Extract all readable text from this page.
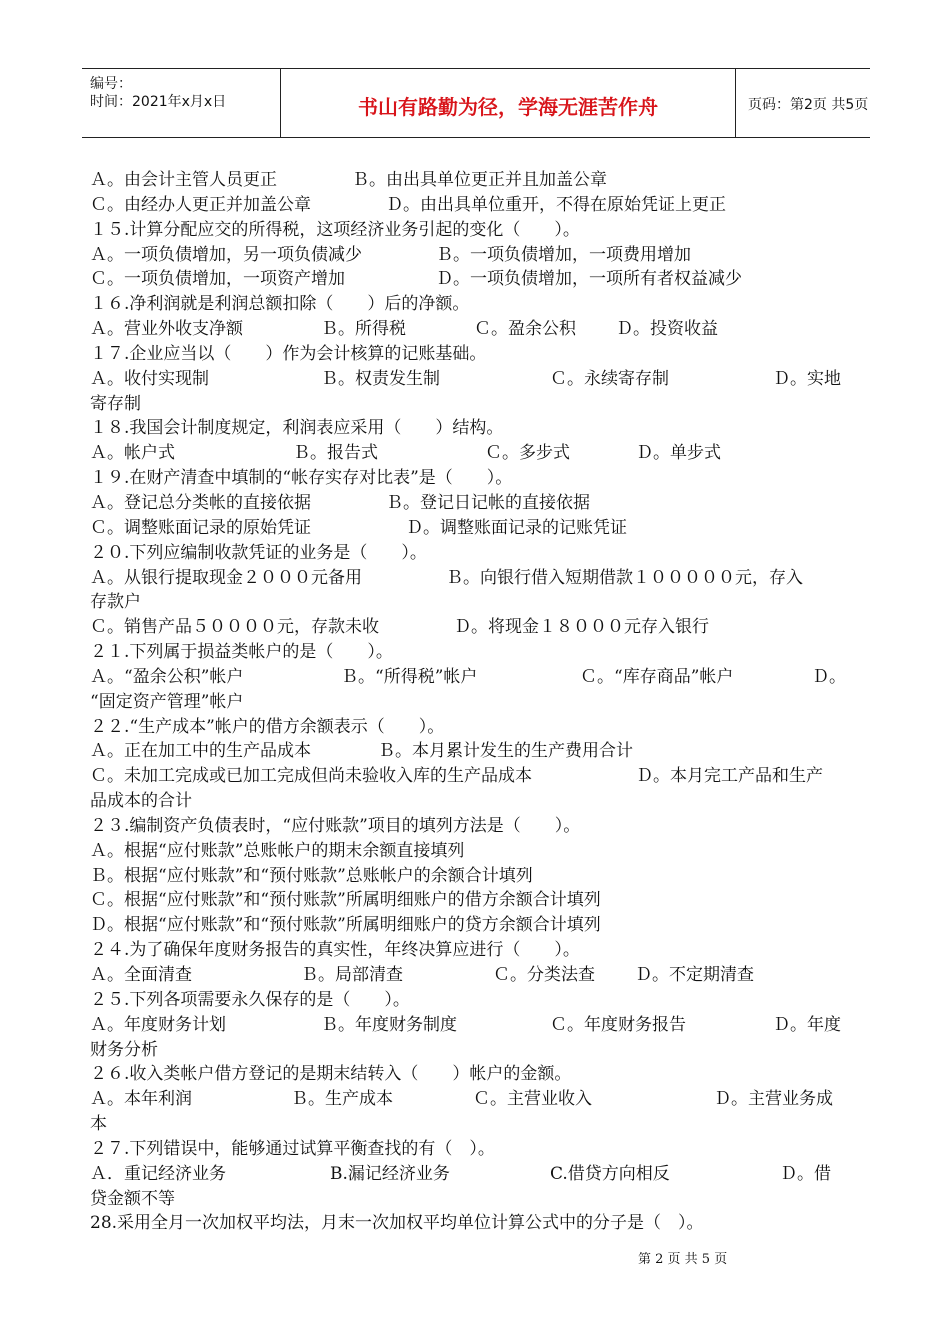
编号：
时间：2021年x月x日	书山有路勤为径，学海无涯苦作舟	页码：第2页 共5页
Ａ。由会计主管人员更正	Ｂ。由出具单位更正并且加盖公章
Ｃ。由经办人更正并加盖公章	Ｄ。由出具单位重开，不得在原始凭证上更正
１５.计算分配应交的所得税，这项经济业务引起的变化（　　）。
Ａ。一项负债增加，另一项负债减少	Ｂ。一项负债增加，一项费用增加
Ｃ。一项负债增加，一项资产增加	Ｄ。一项负债增加，一项所有者权益减少
１６.净利润就是利润总额扣除（　　）后的净额。
Ａ。营业外收支净额	Ｂ。所得税	Ｃ。盈余公积 Ｄ。投资收益
１７.企业应当以（　　）作为会计核算的记账基础。
Ａ。收付实现制	Ｂ。权责发生制	Ｃ。永续寄存制	Ｄ。实地
寄存制
１８.我国会计制度规定，利润表应采用（　　）结构。
Ａ。帐户式	Ｂ。报告式	Ｃ。多步式	Ｄ。单步式
１９.在财产清查中填制的“帐存实存对比表”是（　　）。
Ａ。登记总分类帐的直接依据	Ｂ。登记日记帐的直接依据
Ｃ。调整账面记录的原始凭证	Ｄ。调整账面记录的记账凭证
２０.下列应编制收款凭证的业务是（　　）。
Ａ。从银行提取现金２０００元备用	Ｂ。向银行借入短期借款１０００００元，存入
存款户
Ｃ。销售产品５００００元，存款未收	Ｄ。将现金１８０００元存入银行
２１.下列属于损益类帐户的是（　　）。
Ａ。“盈余公积”帐户	Ｂ。“所得税”帐户	Ｃ。“库存商品”帐户	Ｄ。
“固定资产管理”帐户
２２.“生产成本”帐户的借方余额表示（　　）。
Ａ。正在加工中的生产品成本	Ｂ。本月累计发生的生产费用合计
Ｃ。未加工完成或已加工完成但尚未验收入库的生产品成本	Ｄ。本月完工产品和生产
品成本的合计
２３.编制资产负债表时，“应付账款”项目的填列方法是（　　）。
Ａ。根据“应付账款”总账帐户的期末余额直接填列
Ｂ。根据“应付账款”和“预付账款”总账帐户的余额合计填列
Ｃ。根据“应付账款”和“预付账款”所属明细账户的借方余额合计填列
Ｄ。根据“应付账款”和“预付账款”所属明细账户的贷方余额合计填列
２４.为了确保年度财务报告的真实性，年终决算应进行（　　）。
Ａ。全面清查	Ｂ。局部清查	Ｃ。分类法查 Ｄ。不定期清查
２５.下列各项需要永久保存的是（　　）。
Ａ。年度财务计划	Ｂ。年度财务制度	Ｃ。年度财务报告	Ｄ。年度
财务分析
２６.收入类帐户借方登记的是期末结转入（　　）帐户的金额。
Ａ。本年利润	Ｂ。生产成本	Ｃ。主营业收入	Ｄ。主营业务成
本
２７.下列错误中，能够通过试算平衡查找的有（　）。
Ａ．重记经济业务	B.漏记经济业务	C.借贷方向相反	Ｄ。借
贷金额不等
28.采用全月一次加权平均法，月末一次加权平均单位计算公式中的分子是（　）。
第 2 页 共 5 页
